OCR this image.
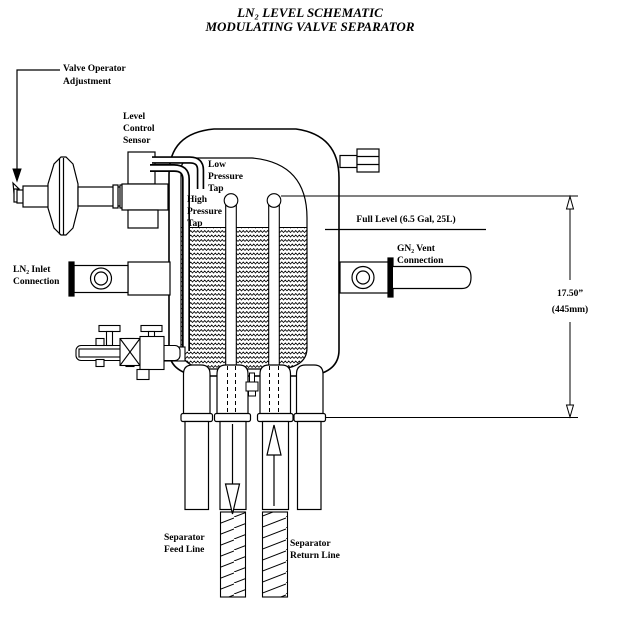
LN₂ LEVEL SCHEMATIC
MODULATING VALVE SEPARATOR
Valve Operator
Adjustment
Level
Control
Sensor
Low
Pressure
Tap
High
Pressure
Tap	Full Level (6.5 Gal, 25L)
GN₂ Vent
Connection
LN₂ Inlet
Connection
17.50”
(445mm)
Separator
Feed Line
Separator
Return Line
